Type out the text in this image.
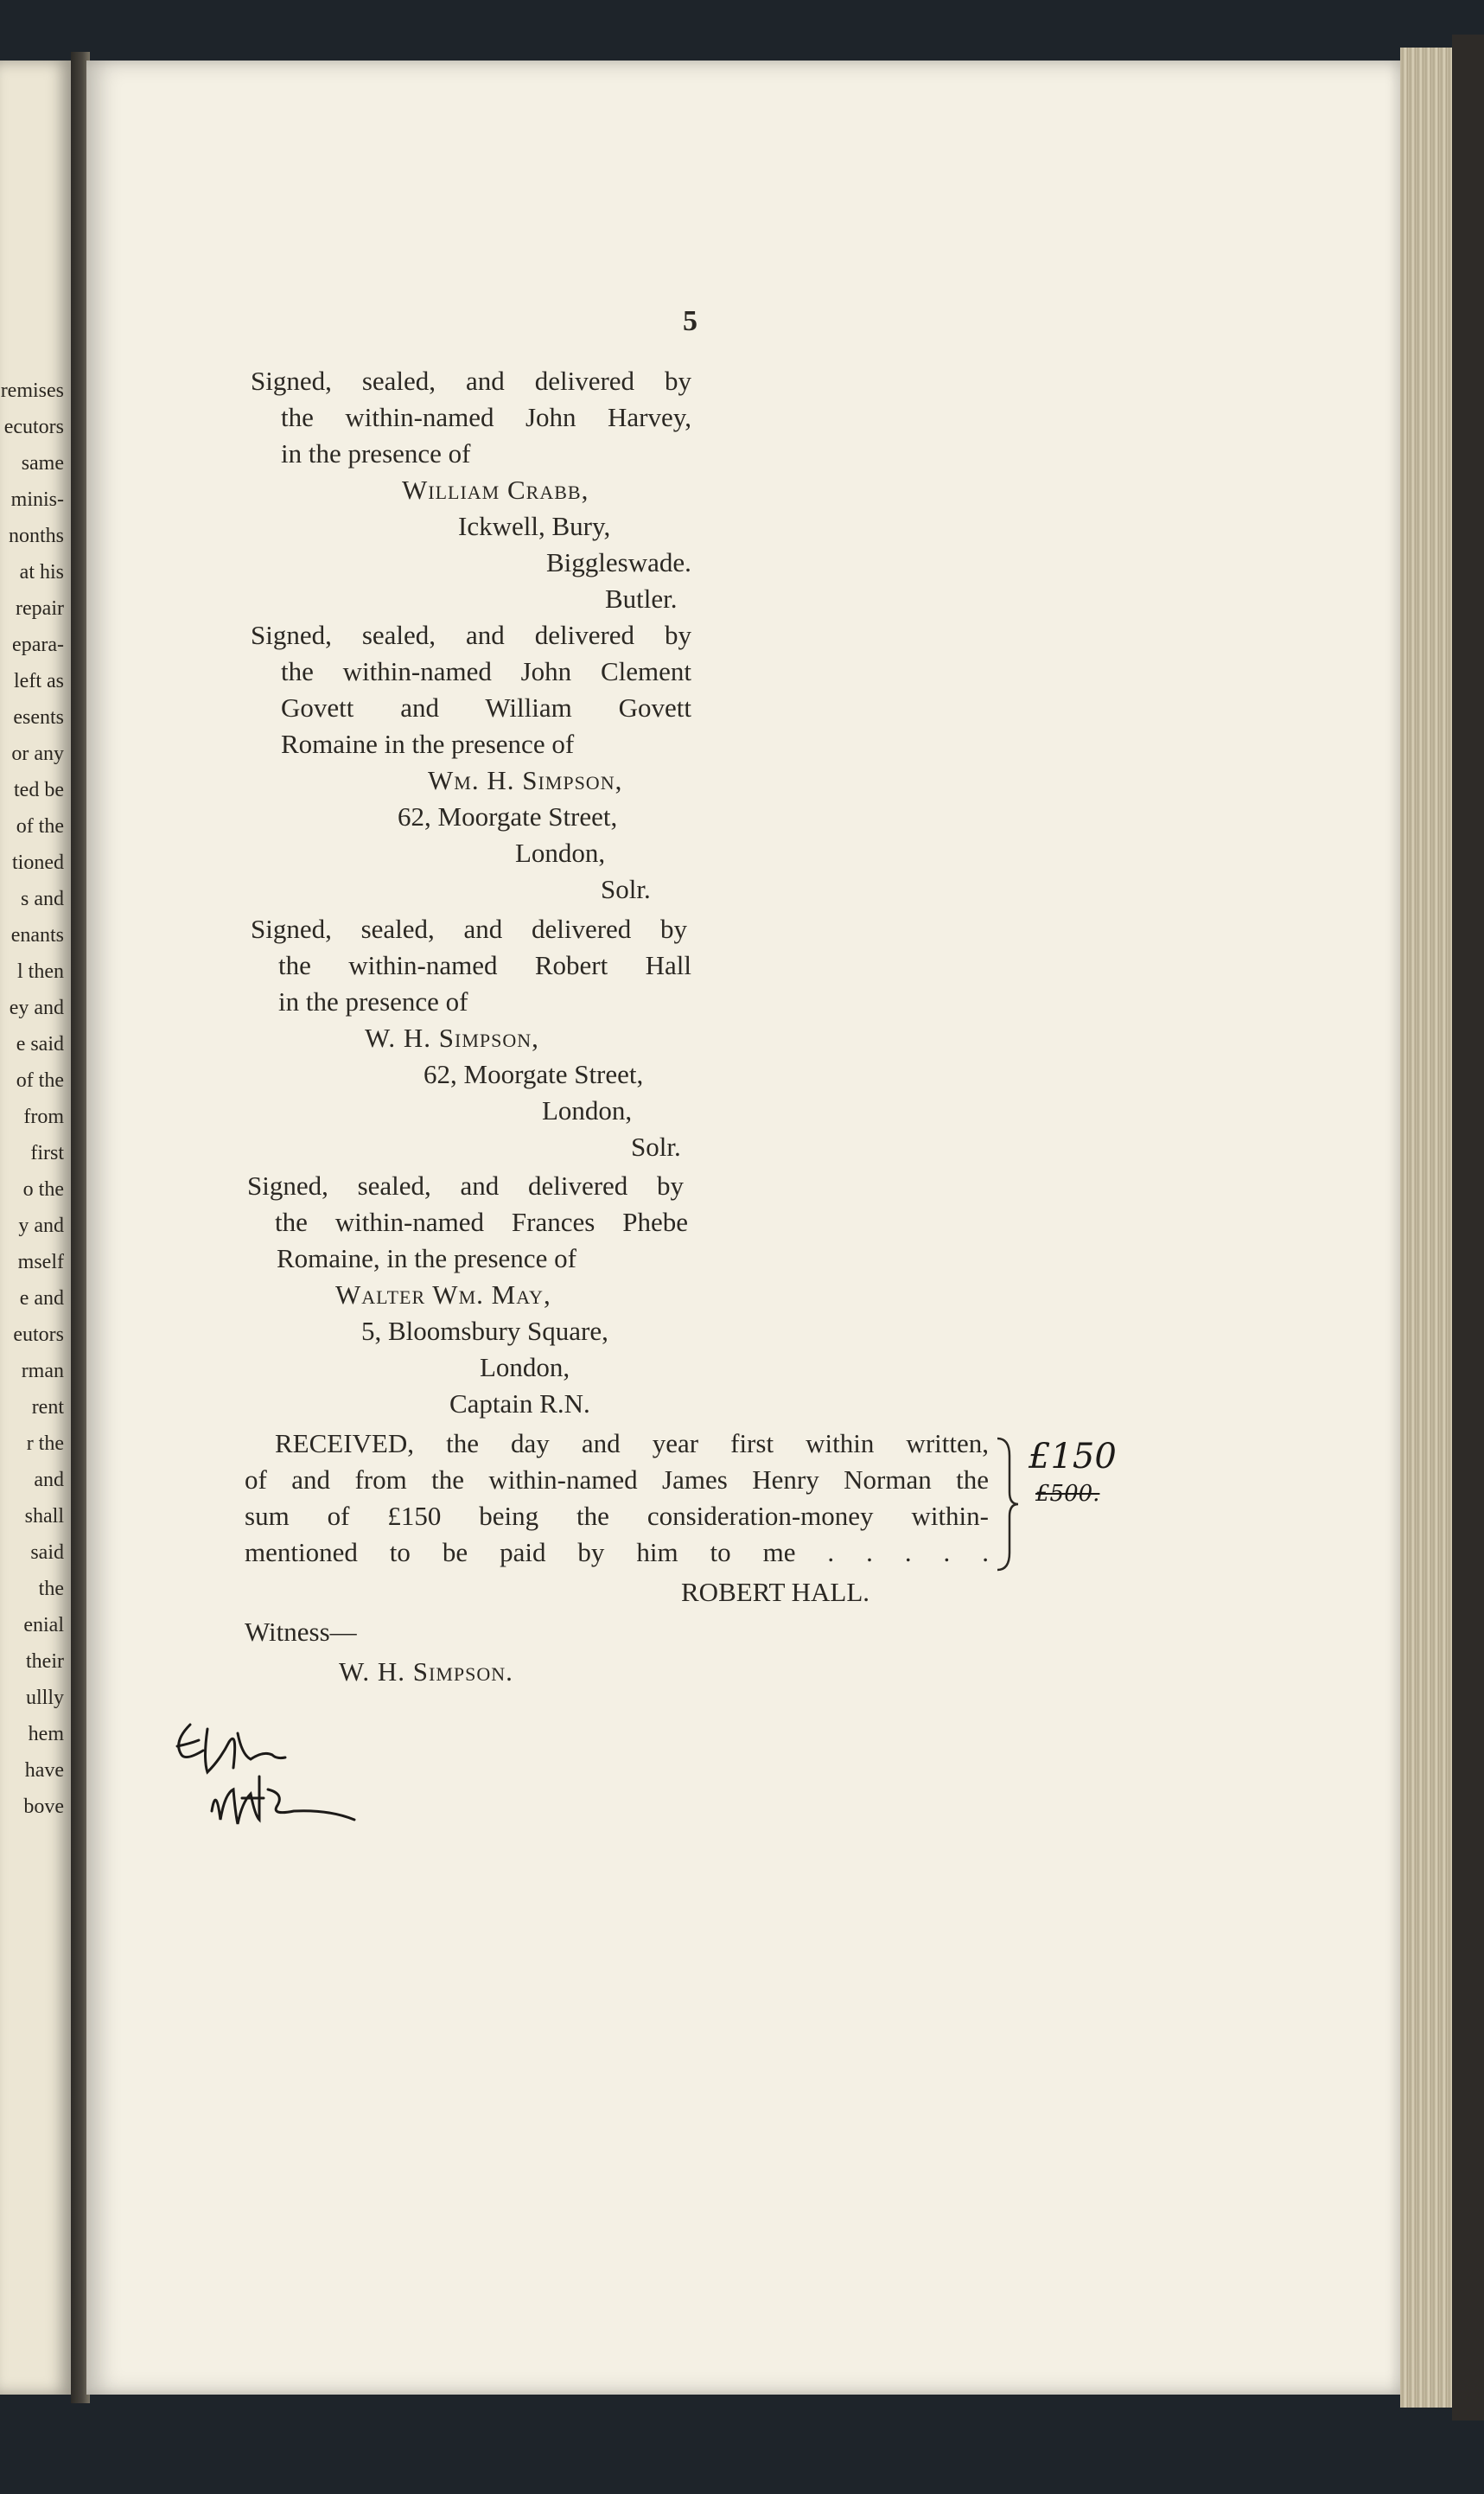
remises
ecutors
same
minis-
nonths
at his
repair
epara-
left as
esents
or any
ted be
of the
tioned
s and
enants
l then
ey and
e said
of the
from
first
o the
y and
mself
e and
eutors
rman
rent
r the
and
shall
said
the
enial
their
ullly
hem
have
bove
5
Signed, sealed, and delivered by
the within-named John Harvey,
in the presence of
William Crabb,
Ickwell, Bury,
Biggleswade.
Butler.
Signed, sealed, and delivered by
the within-named John Clement
Govett and William Govett
Romaine in the presence of
Wm. H. Simpson,
62, Moorgate Street,
London,
Solr.
Signed, sealed, and delivered by
the within-named Robert Hall
in the presence of
W. H. Simpson,
62, Moorgate Street,
London,
Solr.
Signed, sealed, and delivered by
the within-named Frances Phebe
Romaine, in the presence of
Walter Wm. May,
5, Bloomsbury Square,
London,
Captain R.N.
RECEIVED, the day and year first within written,
of and from the within-named James Henry Norman the
sum of £150 being the consideration-money within-
mentioned to be paid by him to me . . . . .
ROBERT HALL.
Witness—
W. H. Simpson.
£150
£500.
